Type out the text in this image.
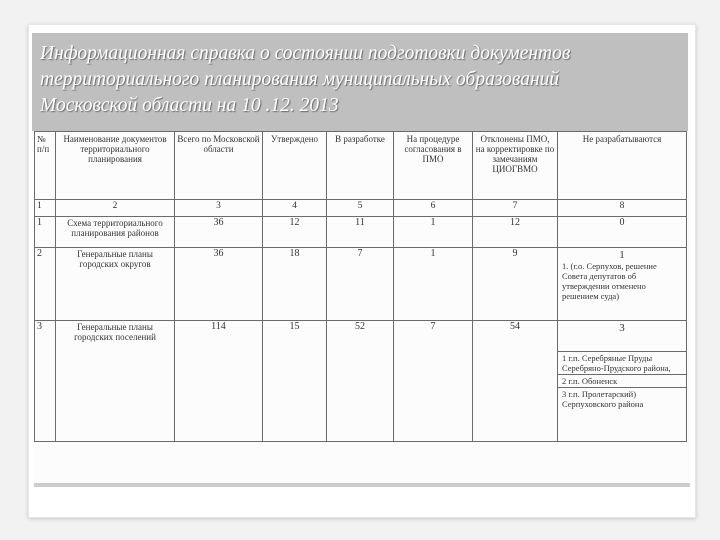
Информационная справка о состоянии подготовки документов
территориального планирования муниципальных образований
Московской области на 10 .12. 2013
№ п/п	Наименование документов территориального планирования	Всего по Московской области	Утверждено	В разработке	На процедуре согласования в ПМО	Отклонены ПМО, на корректировке по замечаниям ЦИОГВМО	Не разрабатываются
1	2	3	4	5	6	7	8
1	Схема территориального планирования районов	36	12	11	1	12	0
2	Генеральные планы городских округов	36	18	7	1	9	1
1. (г.о. Серпухов, решение Совета депутатов об утверждении отменено решением суда)

3	Генеральные планы городских поселений	114	15	52	7	54	3
1 г.п. Серебряные Пруды Серебряно-Прудского района,
2 г.п. Обоненск
3 г.п. Пролетарский) Серпуховского района
